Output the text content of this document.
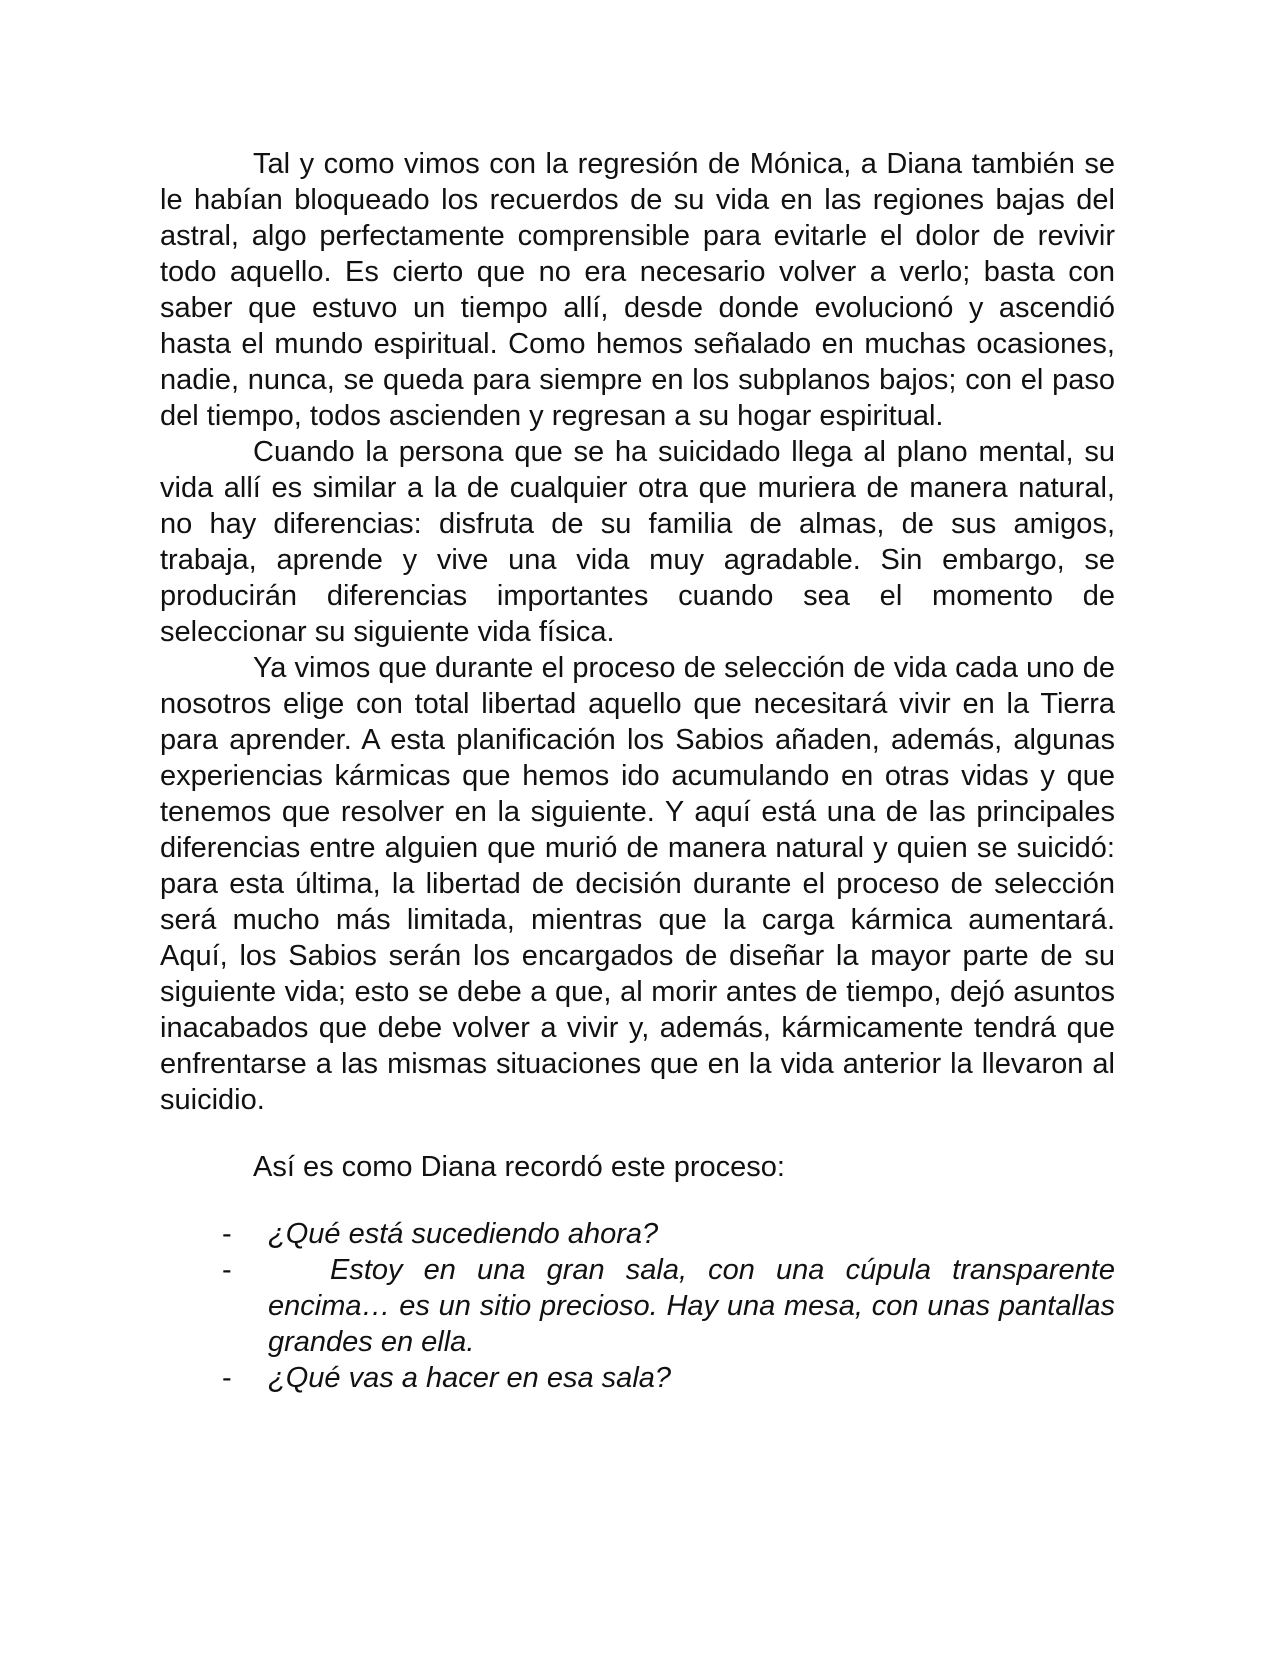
Tal y como vimos con la regresión de Mónica, a Diana también se le habían bloqueado los recuerdos de su vida en las regiones bajas del astral, algo perfectamente comprensible para evitarle el dolor de revivir todo aquello. Es cierto que no era necesario volver a verlo; basta con saber que estuvo un tiempo allí, desde donde evolucionó y ascendió hasta el mundo espiritual. Como hemos señalado en muchas ocasiones, nadie, nunca, se queda para siempre en los subplanos bajos; con el paso del tiempo, todos ascienden y regresan a su hogar espiritual.

Cuando la persona que se ha suicidado llega al plano mental, su vida allí es similar a la de cualquier otra que muriera de manera natural, no hay diferencias: disfruta de su familia de almas, de sus amigos, trabaja, aprende y vive una vida muy agradable. Sin embargo, se producirán diferencias importantes cuando sea el momento de seleccionar su siguiente vida física.

Ya vimos que durante el proceso de selección de vida cada uno de nosotros elige con total libertad aquello que necesitará vivir en la Tierra para aprender. A esta planificación los Sabios añaden, además, algunas experiencias kármicas que hemos ido acumulando en otras vidas y que tenemos que resolver en la siguiente. Y aquí está una de las principales diferencias entre alguien que murió de manera natural y quien se suicidó: para esta última, la libertad de decisión durante el proceso de selección será mucho más limitada, mientras que la carga kármica aumentará. Aquí, los Sabios serán los encargados de diseñar la mayor parte de su siguiente vida; esto se debe a que, al morir antes de tiempo, dejó asuntos inacabados que debe volver a vivir y, además, kármicamente tendrá que enfrentarse a las mismas situaciones que en la vida anterior la llevaron al suicidio.

Así es como Diana recordó este proceso:

- ¿Qué está sucediendo ahora?
-	Estoy en una gran sala, con una cúpula transparente encima… es un sitio precioso. Hay una mesa, con unas pantallas grandes en ella.
- ¿Qué vas a hacer en esa sala?
